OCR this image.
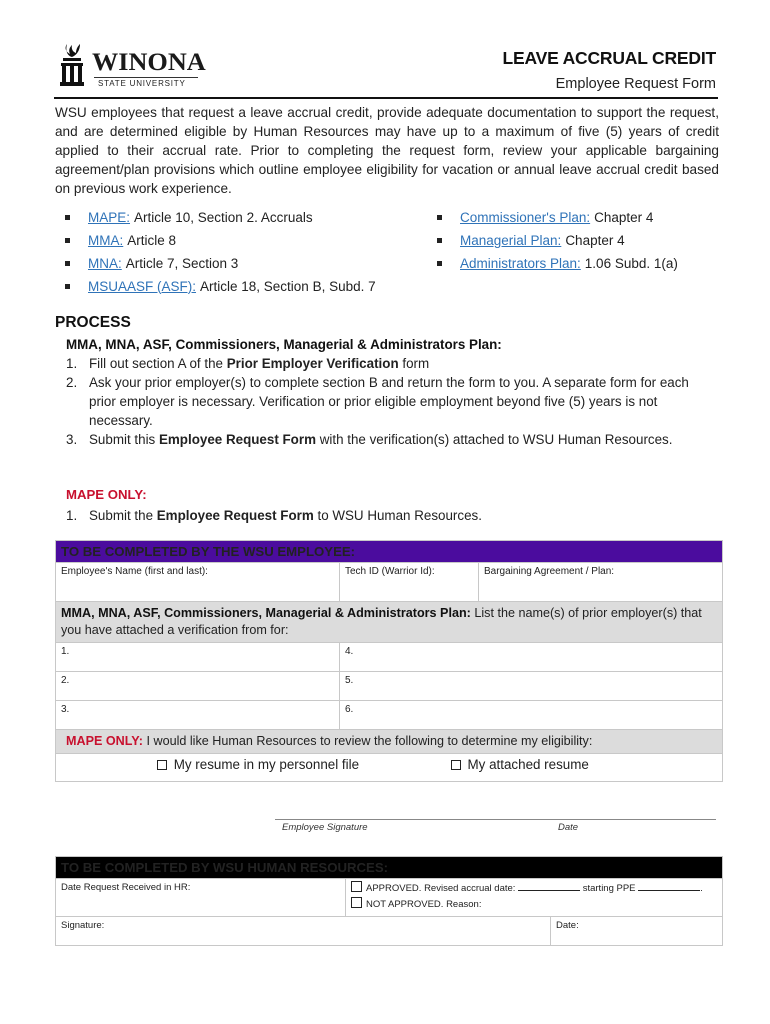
WINONA
STATE UNIVERSITY
LEAVE ACCRUAL CREDIT
Employee Request Form

WSU employees that request a leave accrual credit, provide adequate documentation to support the request, and are determined eligible by Human Resources may have up to a maximum of five (5) years of credit applied to their accrual rate. Prior to completing the request form, review your applicable bargaining agreement/plan provisions which outline employee eligibility for vacation or annual leave accrual credit based on previous work experience.

MAPE: Article 10, Section 2. Accruals
MMA: Article 8
MNA: Article 7, Section 3
MSUAASF (ASF): Article 18, Section B, Subd. 7
Commissioner's Plan: Chapter 4
Managerial Plan: Chapter 4
Administrators Plan: 1.06 Subd. 1(a)
PROCESS
MMA, MNA, ASF, Commissioners, Managerial & Administrators Plan:
1. Fill out section A of the Prior Employer Verification form
2. Ask your prior employer(s) to complete section B and return the form to you. A separate form for each prior employer is necessary. Verification or prior eligible employment beyond five (5) years is not necessary.
3. Submit this Employee Request Form with the verification(s) attached to WSU Human Resources.
MAPE ONLY:
1. Submit the Employee Request Form to WSU Human Resources.
TO BE COMPLETED BY THE WSU EMPLOYEE:		
Employee's Name (first and last):	Tech ID (Warrior Id):	Bargaining Agreement / Plan:
MMA, MNA, ASF, Commissioners, Managerial & Administrators Plan: List the name(s) of prior employer(s) that you have attached a verification from for:		
1.	4.	
2.	5.	
3.	6.	
MAPE ONLY: I would like Human Resources to review the following to determine my eligibility:		
My resume in my personnel file My attached resume		
Employee Signature	Date
TO BE COMPLETED BY WSU HUMAN RESOURCES:		
Date Request Received in HR:	APPROVED. Revised accrual date: starting PPE .
NOT APPROVED. Reason:	

Signature:		Date:
